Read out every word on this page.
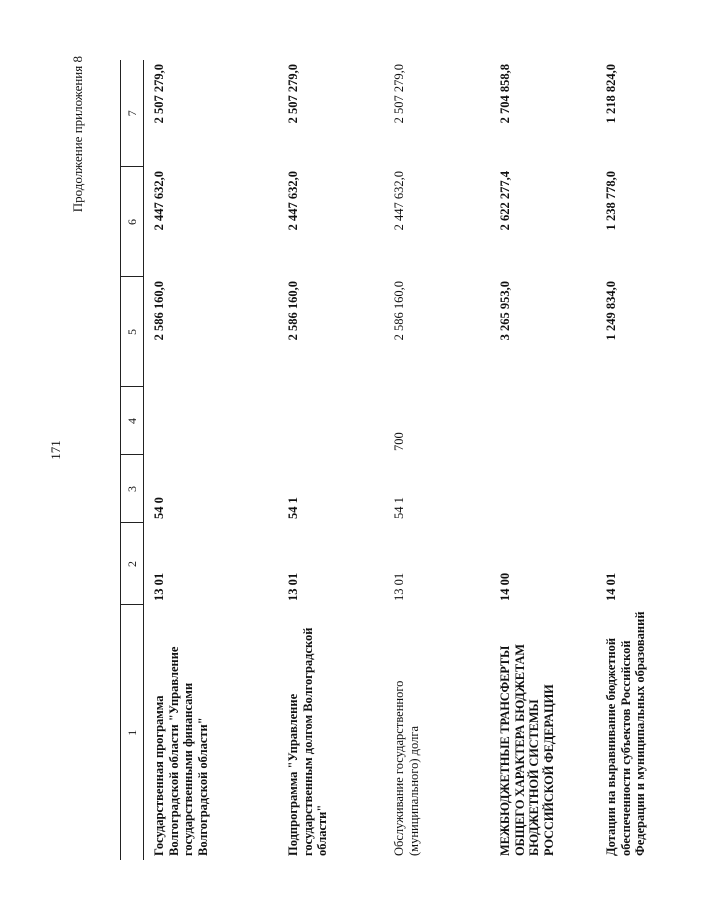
171
Продолжение приложения 8
1	2	3	4	5	6	7
Государственная программа Волгоградской области "Управление государственными финансами Волгоградской области"	13 01	54 0		2 586 160,0	2 447 632,0	2 507 279,0
Подпрограмма "Управление государственным долгом Волгоградской области"	13 01	54 1		2 586 160,0	2 447 632,0	2 507 279,0
Обслуживание государственного (муниципального) долга	13 01	54 1	700	2 586 160,0	2 447 632,0	2 507 279,0
МЕЖБЮДЖЕТНЫЕ ТРАНСФЕРТЫ ОБЩЕГО ХАРАКТЕРА БЮДЖЕТАМ БЮДЖЕТНОЙ СИСТЕМЫ РОССИЙСКОЙ ФЕДЕРАЦИИ	14 00			3 265 953,0	2 622 277,4	2 704 858,8
Дотации на выравнивание бюджетной обеспеченности субъектов Российской Федерации и муниципальных образований	14 01			1 249 834,0	1 238 778,0	1 218 824,0
